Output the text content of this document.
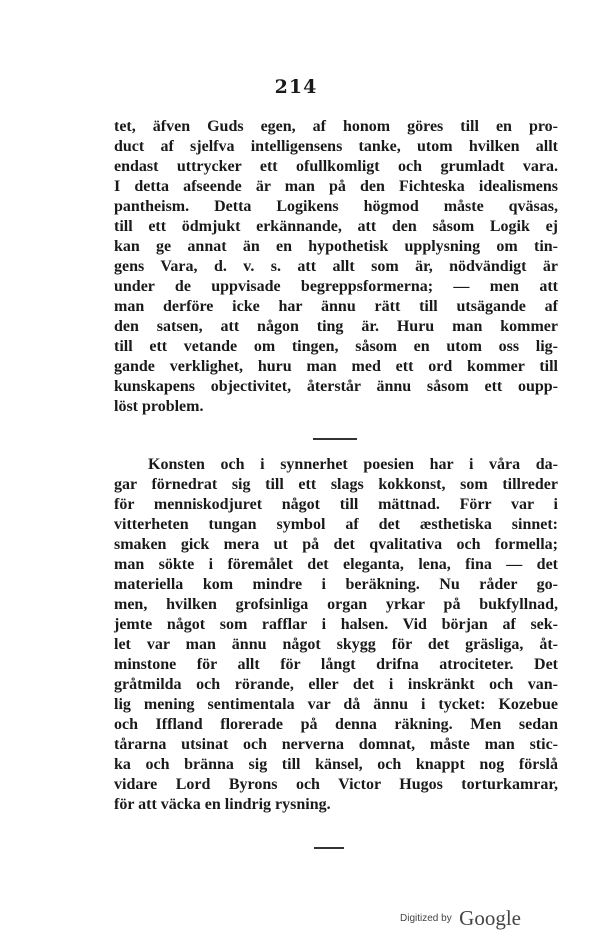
214
tet, äfven Guds egen, af honom göres till en pro-
duct af sjelfva intelligensens tanke, utom hvilken allt
endast uttrycker ett ofullkomligt och grumladt vara.
I detta afseende är man på den Fichteska idealismens
pantheism. Detta Logikens högmod måste qväsas,
till ett ödmjukt erkännande, att den såsom Logik ej
kan ge annat än en hypothetisk upplysning om tin-
gens Vara, d. v. s. att allt som är, nödvändigt är
under de uppvisade begreppsformerna; — men att
man derföre icke har ännu rätt till utsägande af
den satsen, att någon ting är. Huru man kommer
till ett vetande om tingen, såsom en utom oss lig-
gande verklighet, huru man med ett ord kommer till
kunskapens objectivitet, återstår ännu såsom ett oupp-
löst problem.
Konsten och i synnerhet poesien har i våra da-
gar förnedrat sig till ett slags kokkonst, som tillreder
för menniskodjuret något till mättnad. Förr var i
vitterheten tungan symbol af det æsthetiska sinnet:
smaken gick mera ut på det qvalitativa och formella;
man sökte i föremålet det eleganta, lena, fina — det
materiella kom mindre i beräkning. Nu råder go-
men, hvilken grofsinliga organ yrkar på bukfyllnad,
jemte något som rafflar i halsen. Vid början af sek-
let var man ännu något skygg för det gräsliga, åt-
minstone för allt för långt drifna atrociteter. Det
gråtmilda och rörande, eller det i inskränkt och van-
lig mening sentimentala var då ännu i tycket: Kozebue
och Iffland florerade på denna räkning. Men sedan
tårarna utsinat och nerverna domnat, måste man stic-
ka och bränna sig till känsel, och knappt nog förslå
vidare Lord Byrons och Victor Hugos torturkamrar,
för att väcka en lindrig rysning.
Digitized by Google
